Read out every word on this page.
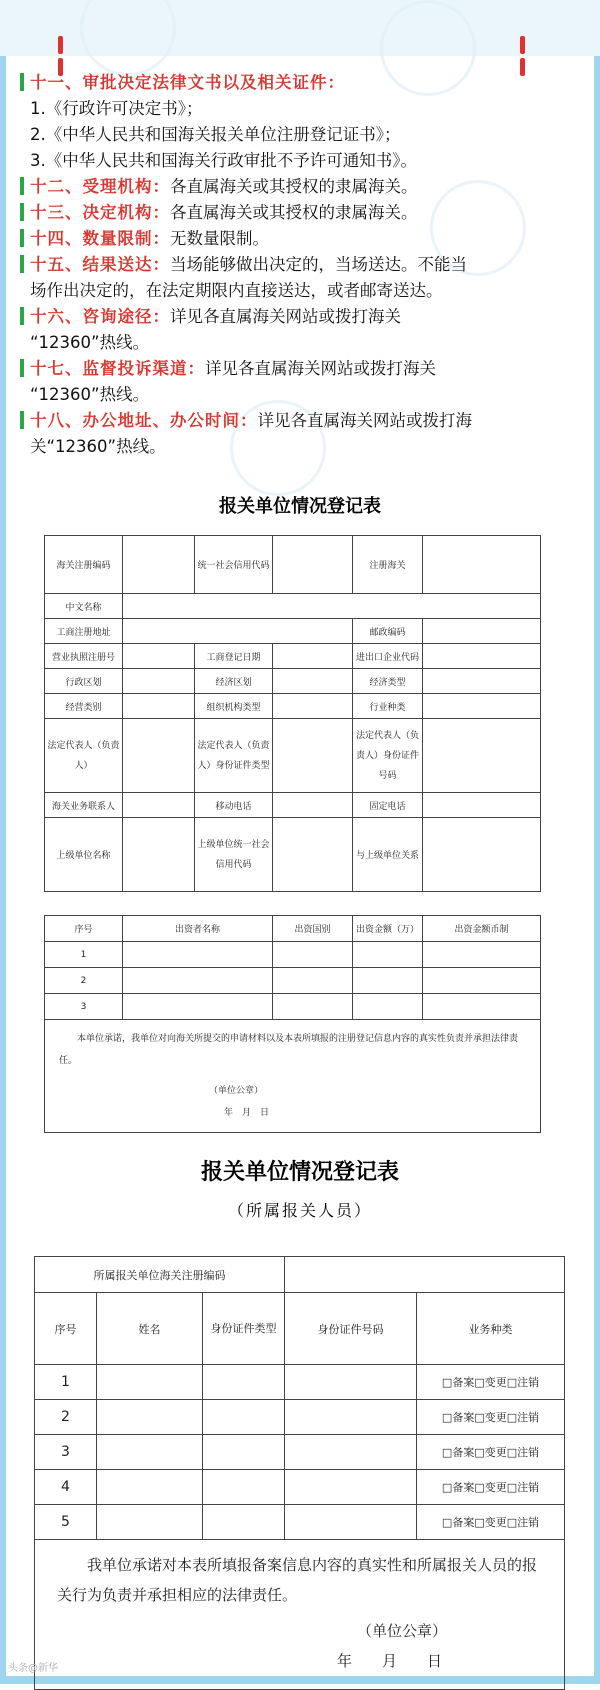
十一、审批决定法律文书以及相关证件：
1.《行政许可决定书》；
2.《中华人民共和国海关报关单位注册登记证书》；
3.《中华人民共和国海关行政审批不予许可通知书》。
十二、受理机构：各直属海关或其授权的隶属海关。
十三、决定机构：各直属海关或其授权的隶属海关。
十四、数量限制：无数量限制。
十五、结果送达：当场能够做出决定的，当场送达。不能当
场作出决定的，在法定期限内直接送达，或者邮寄送达。
十六、咨询途径：详见各直属海关网站或拨打海关
“12360”热线。
十七、监督投诉渠道：详见各直属海关网站或拨打海关
“12360”热线。
十八、办公地址、办公时间：详见各直属海关网站或拨打海
关“12360”热线。
报关单位情况登记表
海关注册编码		统一社会信用代码		注册海关	
中文名称					
工商注册地址				邮政编码	
营业执照注册号		工商登记日期		进出口企业代码	
行政区划		经济区划		经济类型	
经营类别		组织机构类型		行业种类	
法定代表人（负责人）		法定代表人（负责人）身份证件类型		法定代表人（负责人）身份证件号码	
海关业务联系人		移动电话		固定电话	
上级单位名称		上级单位统一社会信用代码		与上级单位关系	
序号	出资者名称	出资国别	出资金额（万）	出资金额币制
1				
2				
3				

本单位承诺，我单位对向海关所提交的申请材料以及本表所填报的注册登记信息内容的真实性负责并承担法律责任。
（单位公章）
年　月　日				
报关单位情况登记表
（所属报关人员）
所属报关单位海关注册编码				
序号	姓名	身份证件类型	身份证件号码	业务种类
1				□备案□变更□注销
2				□备案□变更□注销
3				□备案□变更□注销
4				□备案□变更□注销
5				□备案□变更□注销

我单位承诺对本表所填报备案信息内容的真实性和所属报关人员的报关行为负责并承担相应的法律责任。
（单位公章）
年　　月　　日				
头条@新华
